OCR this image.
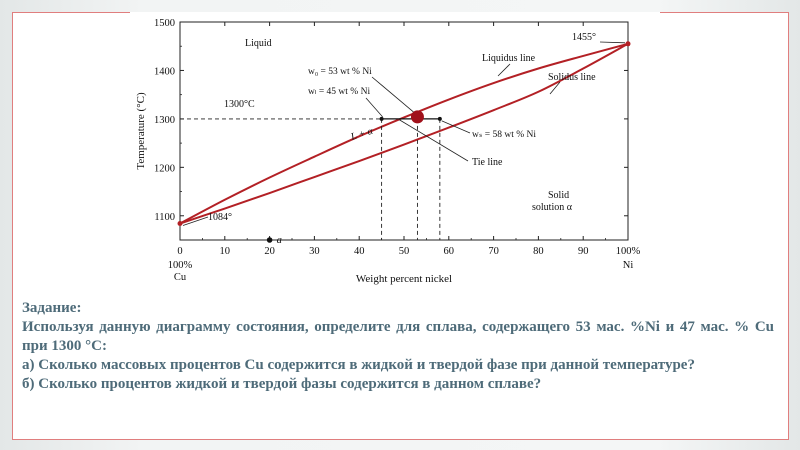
0	10	20	30	40	50	60	70	80	90	100%
100%
Cu
Ni
1100
1200
1300
1400
1500
Weight percent nickel
Temperature (°C)
a
Liquid
Liquidus line
Solidus line
1455°
1084°
1300°C
L + α
Solid
solution α
w₀ = 53 wt % Ni
wₗ = 45 wt % Ni
wₛ = 58 wt % Ni
Tie line

Задание:

Используя данную диаграмму состояния, определите для сплава, содержащего 53 мас. %Ni и 47 мас. % Cu при 1300 °С:

а) Сколько массовых процентов Cu содержится в жидкой и твердой фазе при данной температуре?

б) Сколько процентов жидкой и твердой фазы содержится в данном сплаве?
